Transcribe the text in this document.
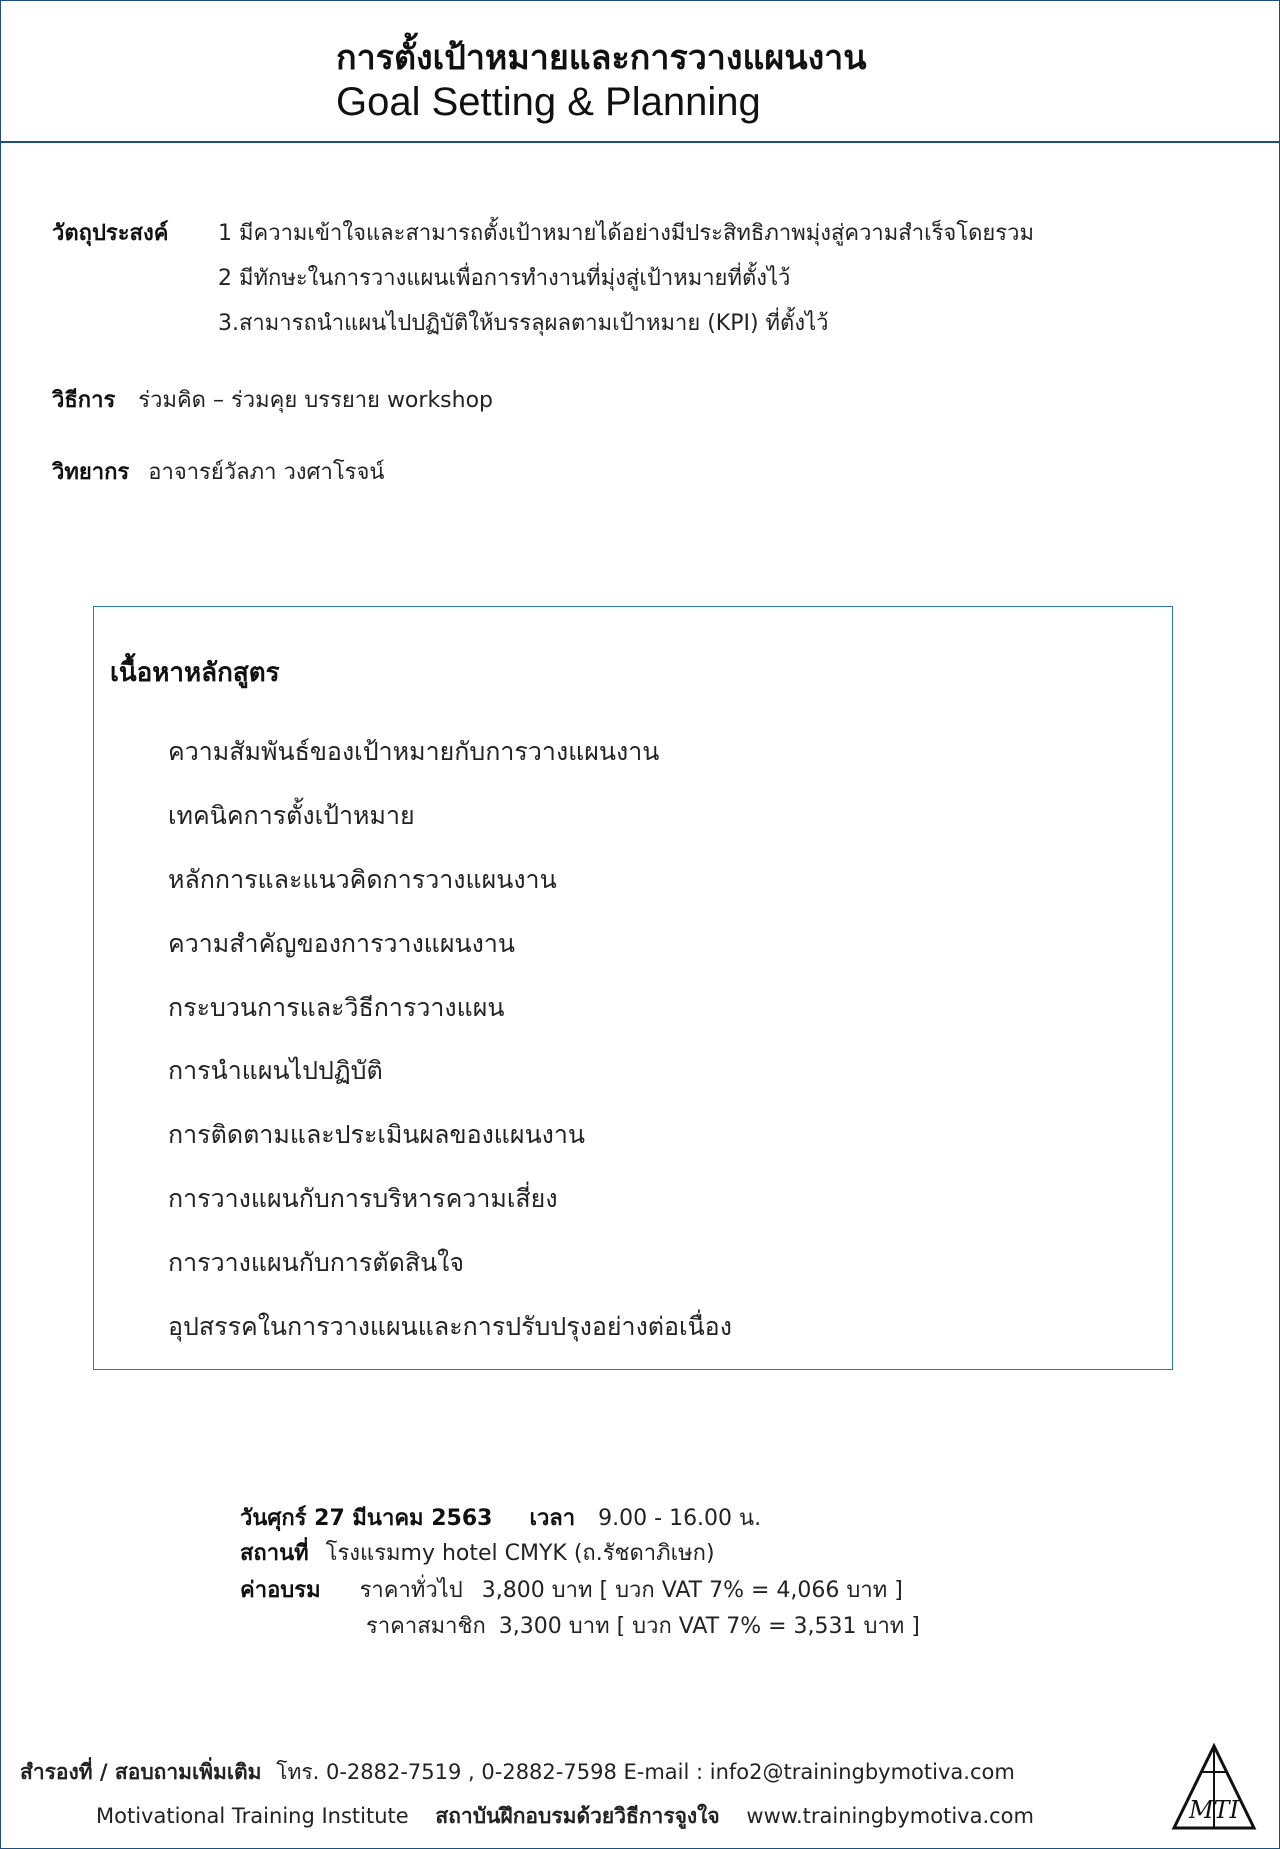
การตั้งเป้าหมายและการวางแผนงาน
Goal Setting & Planning
วัตถุประสงค์ 1 มีความเข้าใจและสามารถตั้งเป้าหมายได้อย่างมีประสิทธิภาพมุ่งสู่ความสำเร็จโดยรวม
2 มีทักษะในการวางแผนเพื่อการทำงานที่มุ่งสู่เป้าหมายที่ตั้งไว้
3.สามารถนำแผนไปปฏิบัติให้บรรลุผลตามเป้าหมาย (KPI) ที่ตั้งไว้
วิธีการ ร่วมคิด – ร่วมคุย บรรยาย workshop
วิทยากร อาจารย์วัลภา วงศาโรจน์
เนื้อหาหลักสูตร
ความสัมพันธ์ของเป้าหมายกับการวางแผนงาน
เทคนิคการตั้งเป้าหมาย
หลักการและแนวคิดการวางแผนงาน
ความสำคัญของการวางแผนงาน
กระบวนการและวิธีการวางแผน
การนำแผนไปปฏิบัติ
การติดตามและประเมินผลของแผนงาน
การวางแผนกับการบริหารความเสี่ยง
การวางแผนกับการตัดสินใจ
อุปสรรคในการวางแผนและการปรับปรุงอย่างต่อเนื่อง
วันศุกร์ 27 มีนาคม 2563 เวลา 9.00 - 16.00 น.
สถานที่ โรงแรมmy hotel CMYK (ถ.รัชดาภิเษก)
ค่าอบรม ราคาทั่วไป 3,800 บาท [ บวก VAT 7% = 4,066 บาท ]
ราคาสมาชิก 3,300 บาท [ บวก VAT 7% = 3,531 บาท ]
สำรองที่ / สอบถามเพิ่มเติม โทร. 0-2882-7519 , 0-2882-7598 E-mail : info2@trainingbymotiva.com
Motivational Training Institute สถาบันฝึกอบรมด้วยวิธีการจูงใจ www.trainingbymotiva.com	MTI
